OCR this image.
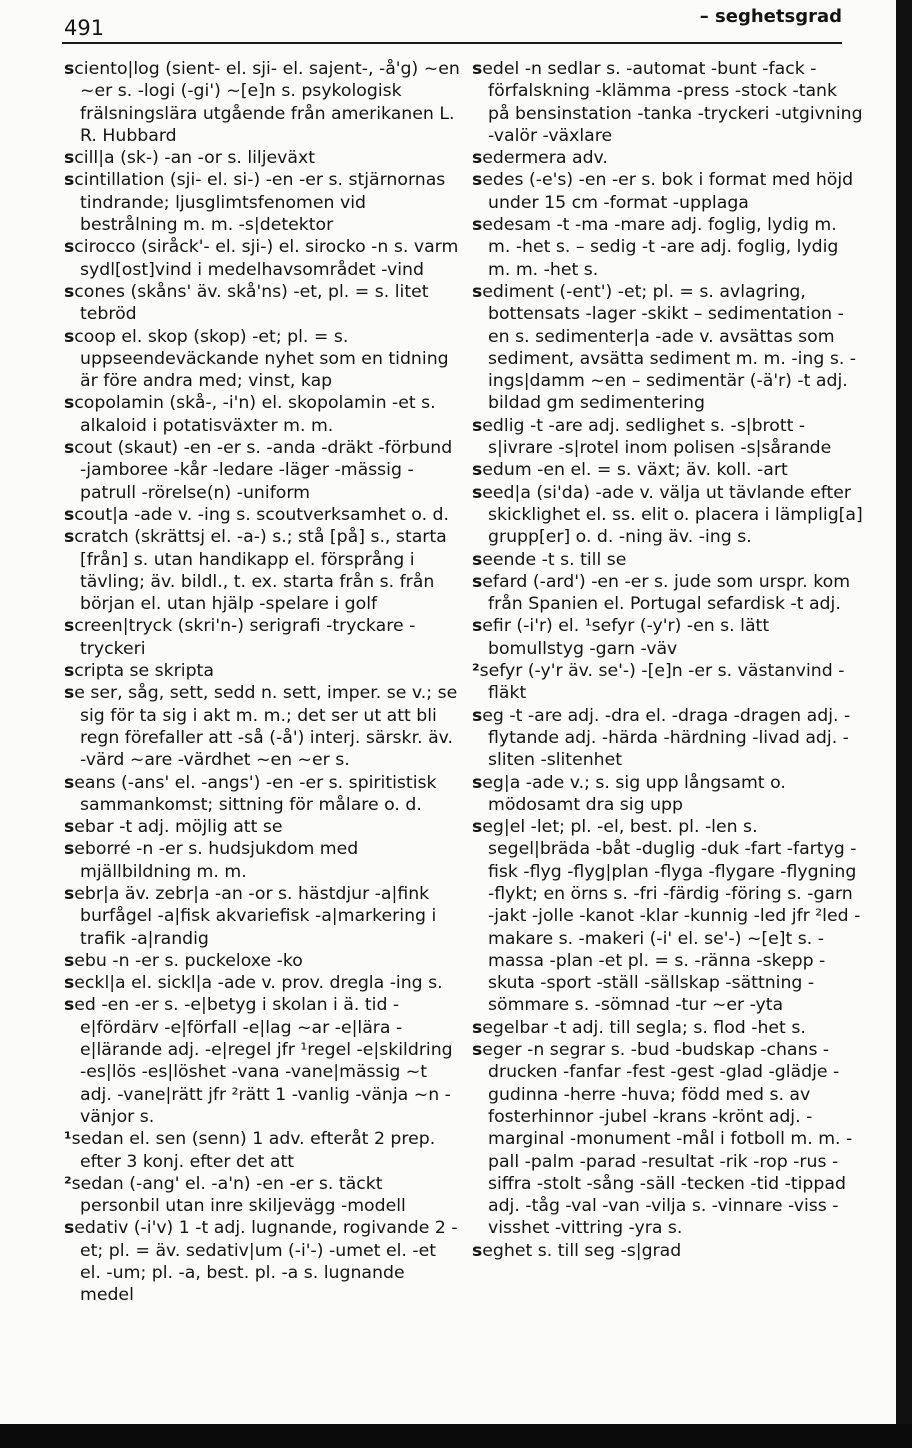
491	– seghetsgrad

sciento|log (sient- el. sji- el. sajent-, -å'g) ~en ~er s. -logi (-gi') ~[e]n s. psykologisk frälsningslära utgående från amerikanen L. R. Hubbard

scill|a (sk-) -an -or s. liljeväxt

scintillation (sji- el. si-) -en -er s. stjärnornas tindrande; ljusglimtsfenomen vid bestrålning m. m. -s|detektor

scirocco (siråck'- el. sji-) el. sirocko -n s. varm sydl[ost]vind i medelhavsområdet -vind

scones (skåns' äv. skå'ns) -et, pl. = s. litet tebröd

scoop el. skop (skop) -et; pl. = s. uppseendeväckande nyhet som en tidning är före andra med; vinst, kap

scopolamin (skå-, -i'n) el. skopolamin -et s. alkaloid i potatisväxter m. m.

scout (skaut) -en -er s. -anda -dräkt -förbund -jamboree -kår -ledare -läger -mässig -patrull -rörelse(n) -uniform

scout|a -ade v. -ing s. scoutverksamhet o. d.

scratch (skrättsj el. -a-) s.; stå [på] s., starta [från] s. utan handikapp el. försprång i tävling; äv. bildl., t. ex. starta från s. från början el. utan hjälp -spelare i golf

screen|tryck (skri'n-) serigrafi -tryckare -tryckeri

scripta se skripta

se ser, såg, sett, sedd n. sett, imper. se v.; se sig för ta sig i akt m. m.; det ser ut att bli regn förefaller att -så (-å') interj. särskr. äv. -värd ~are -värdhet ~en ~er s.

seans (-ans' el. -angs') -en -er s. spiritistisk sammankomst; sittning för målare o. d.

sebar -t adj. möjlig att se

seborré -n -er s. hudsjukdom med mjällbildning m. m.

sebr|a äv. zebr|a -an -or s. hästdjur -a|fink burfågel -a|fisk akvariefisk -a|markering i trafik -a|randig

sebu -n -er s. puckeloxe -ko

seckl|a el. sickl|a -ade v. prov. dregla -ing s.

sed -en -er s. -e|betyg i skolan i ä. tid -e|fördärv -e|förfall -e|lag ~ar -e|lära -e|lärande adj. -e|regel jfr ¹regel -e|skildring -es|lös -es|löshet -vana -vane|mässig ~t adj. -vane|rätt jfr ²rätt 1 -vanlig -vänja ~n -vänjor s.

¹sedan el. sen (senn) 1 adv. efteråt 2 prep. efter 3 konj. efter det att

²sedan (-ang' el. -a'n) -en -er s. täckt personbil utan inre skiljevägg -modell

sedativ (-i'v) 1 -t adj. lugnande, rogivande 2 -et; pl. = äv. sedativ|um (-i'-) -umet el. -et el. -um; pl. -a, best. pl. -a s. lugnande medel

sedel -n sedlar s. -automat -bunt -fack -förfalskning -klämma -press -stock -tank på bensinstation -tanka -tryckeri -utgivning -valör -växlare

sedermera adv.

sedes (-e's) -en -er s. bok i format med höjd under 15 cm -format -upplaga

sedesam -t -ma -mare adj. foglig, lydig m. m. -het s. – sedig -t -are adj. foglig, lydig m. m. -het s.

sediment (-ent') -et; pl. = s. avlagring, bottensats -lager -skikt – sedimentation -en s. sedimenter|a -ade v. avsättas som sediment, avsätta sediment m. m. -ing s. -ings|damm ~en – sedimentär (-ä'r) -t adj. bildad gm sedimentering

sedlig -t -are adj. sedlighet s. -s|brott -s|ivrare -s|rotel inom polisen -s|sårande

sedum -en el. = s. växt; äv. koll. -art

seed|a (si'da) -ade v. välja ut tävlande efter skicklighet el. ss. elit o. placera i lämplig[a] grupp[er] o. d. -ning äv. -ing s.

seende -t s. till se

sefard (-ard') -en -er s. jude som urspr. kom från Spanien el. Portugal sefardisk -t adj.

sefir (-i'r) el. ¹sefyr (-y'r) -en s. lätt bomullstyg -garn -väv

²sefyr (-y'r äv. se'-) -[e]n -er s. västanvind -fläkt

seg -t -are adj. -dra el. -draga -dragen adj. -flytande adj. -härda -härdning -livad adj. -sliten -slitenhet

seg|a -ade v.; s. sig upp långsamt o. mödosamt dra sig upp

seg|el -let; pl. -el, best. pl. -len s. segel|bräda -båt -duglig -duk -fart -fartyg -fisk -flyg -flyg|plan -flyga -flygare -flygning -flykt; en örns s. -fri -färdig -föring s. -garn -jakt -jolle -kanot -klar -kunnig -led jfr ²led -makare s. -makeri (-i' el. se'-) ~[e]t s. -massa -plan -et pl. = s. -ränna -skepp -skuta -sport -ställ -sällskap -sättning -sömmare s. -sömnad -tur ~er -yta

segelbar -t adj. till segla; s. flod -het s.

seger -n segrar s. -bud -budskap -chans -drucken -fanfar -fest -gest -glad -glädje -gudinna -herre -huva; född med s. av fosterhinnor -jubel -krans -krönt adj. -marginal -monument -mål i fotboll m. m. -pall -palm -parad -resultat -rik -rop -rus -siffra -stolt -sång -säll -tecken -tid -tippad adj. -tåg -val -van -vilja s. -vinnare -viss -visshet -vittring -yra s.

seghet s. till seg -s|grad
